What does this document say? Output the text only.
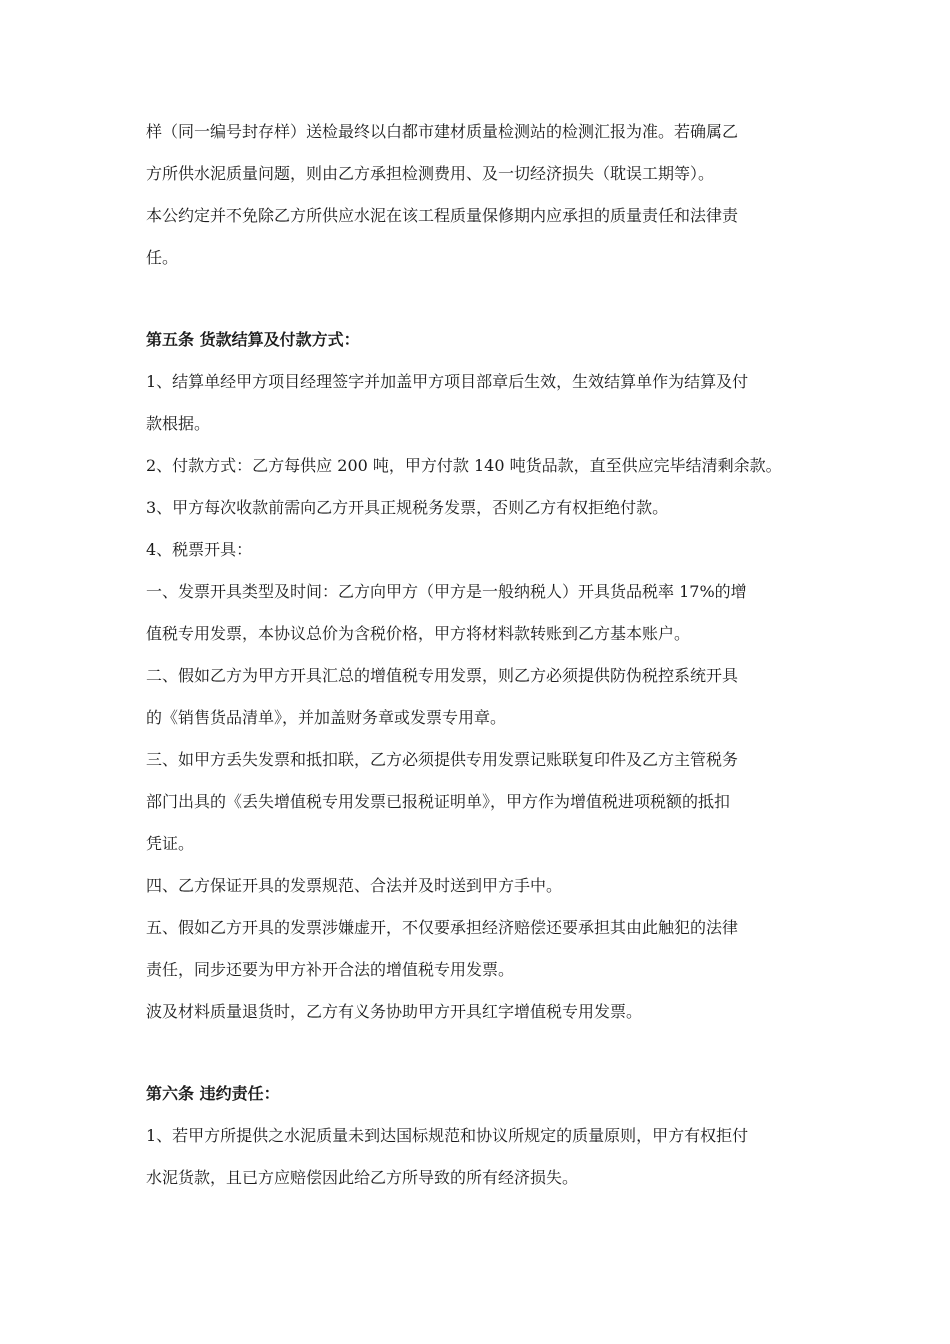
样（同一编号封存样）送检最终以白都市建材质量检测站的检测汇报为准。若确属乙
方所供水泥质量问题，则由乙方承担检测费用、及一切经济损失（耽误工期等）。
本公约定并不免除乙方所供应水泥在该工程质量保修期内应承担的质量责任和法律责
任。
第五条 货款结算及付款方式：
1、结算单经甲方项目经理签字并加盖甲方项目部章后生效，生效结算单作为结算及付
款根据。
2、付款方式：乙方每供应 200 吨，甲方付款 140 吨货品款，直至供应完毕结清剩余款。
3、甲方每次收款前需向乙方开具正规税务发票，否则乙方有权拒绝付款。
4、税票开具：
一、发票开具类型及时间：乙方向甲方（甲方是一般纳税人）开具货品税率 17%的增
值税专用发票，本协议总价为含税价格，甲方将材料款转账到乙方基本账户。
二、假如乙方为甲方开具汇总的增值税专用发票，则乙方必须提供防伪税控系统开具
的《销售货品清单》，并加盖财务章或发票专用章。
三、如甲方丢失发票和抵扣联，乙方必须提供专用发票记账联复印件及乙方主管税务
部门出具的《丢失增值税专用发票已报税证明单》，甲方作为增值税进项税额的抵扣
凭证。
四、乙方保证开具的发票规范、合法并及时送到甲方手中。
五、假如乙方开具的发票涉嫌虚开，不仅要承担经济赔偿还要承担其由此触犯的法律
责任，同步还要为甲方补开合法的增值税专用发票。
波及材料质量退货时，乙方有义务协助甲方开具红字增值税专用发票。
第六条 违约责任：
1、若甲方所提供之水泥质量未到达国标规范和协议所规定的质量原则，甲方有权拒付
水泥货款，且已方应赔偿因此给乙方所导致的所有经济损失。
